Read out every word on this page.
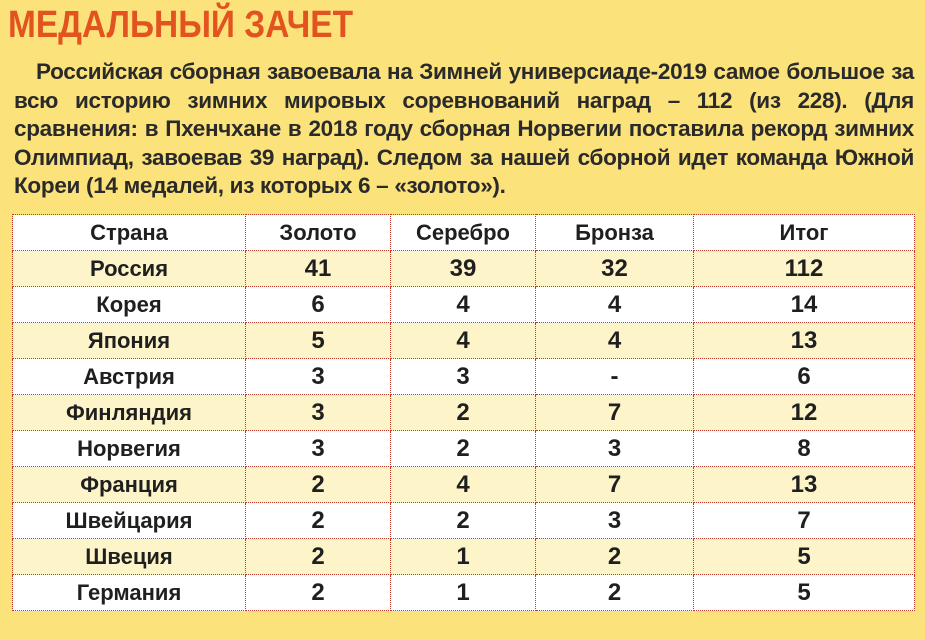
МЕДАЛЬНЫЙ ЗАЧЕТ

Российская сборная завоевала на Зимней универсиаде-2019 самое большое за всю историю зимних мировых соревнований наград – 112 (из 228). (Для сравнения: в Пхенчхане в 2018 году сборная Норвегии поставила рекорд зимних Олимпиад, завоевав 39 наград). Следом за нашей сборной идет команда Южной Кореи (14 медалей, из которых 6 – «золото»).

Страна	Золото	Серебро	Бронза	Итог
Россия	41	39	32	112
Корея	6	4	4	14
Япония	5	4	4	13
Австрия	3	3	-	6
Финляндия	3	2	7	12
Норвегия	3	2	3	8
Франция	2	4	7	13
Швейцария	2	2	3	7
Швеция	2	1	2	5
Германия	2	1	2	5
